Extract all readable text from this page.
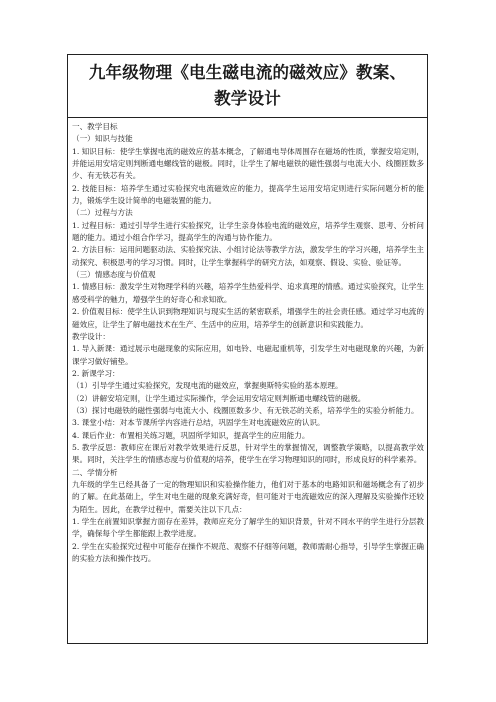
九年级物理《电生磁电流的磁效应》教案、
教学设计

一、教学目标

（一）知识与技能

1. 知识目标：使学生掌握电流的磁效应的基本概念，了解通电导体周围存在磁场的性质，掌握安培定则，并能运用安培定则判断通电螺线管的磁极。同时，让学生了解电磁铁的磁性强弱与电流大小、线圈匝数多少、有无铁芯有关。

2. 技能目标：培养学生通过实验探究电流磁效应的能力，提高学生运用安培定则进行实际问题分析的能力，锻炼学生设计简单的电磁装置的能力。

（二）过程与方法

1. 过程目标：通过引导学生进行实验探究，让学生亲身体验电流的磁效应，培养学生观察、思考、分析问题的能力。通过小组合作学习，提高学生的沟通与协作能力。

2. 方法目标：运用问题驱动法、实验探究法、小组讨论法等教学方法，激发学生的学习兴趣，培养学生主动探究、积极思考的学习习惯。同时，让学生掌握科学的研究方法，如观察、假设、实验、验证等。

（三）情感态度与价值观

1. 情感目标：激发学生对物理学科的兴趣，培养学生热爱科学、追求真理的情感。通过实验探究，让学生感受科学的魅力，增强学生的好奇心和求知欲。

2. 价值观目标：使学生认识到物理知识与现实生活的紧密联系，增强学生的社会责任感。通过学习电流的磁效应，让学生了解电磁技术在生产、生活中的应用，培养学生的创新意识和实践能力。

教学设计：

1. 导入新课：通过展示电磁现象的实际应用，如电铃、电磁起重机等，引发学生对电磁现象的兴趣，为新课学习做好铺垫。

2. 新课学习：

（1）引导学生通过实验探究，发现电流的磁效应，掌握奥斯特实验的基本原理。

（2）讲解安培定则，让学生通过实际操作，学会运用安培定则判断通电螺线管的磁极。

（3）探讨电磁铁的磁性强弱与电流大小、线圈匝数多少、有无铁芯的关系，培养学生的实验分析能力。

3. 课堂小结：对本节课所学内容进行总结，巩固学生对电流磁效应的认识。

4. 课后作业：布置相关练习题，巩固所学知识，提高学生的应用能力。

5. 教学反思：教师应在课后对教学效果进行反思，针对学生的掌握情况，调整教学策略，以提高教学效果。同时，关注学生的情感态度与价值观的培养，使学生在学习物理知识的同时，形成良好的科学素养。

二、学情分析

九年级的学生已经具备了一定的物理知识和实验操作能力，他们对于基本的电路知识和磁场概念有了初步的了解。在此基础上，学生对电生磁的现象充满好奇，但可能对于电流磁效应的深入理解及实验操作还较为陌生。因此，在教学过程中，需要关注以下几点：

1. 学生在前置知识掌握方面存在差异，教师应充分了解学生的知识背景，针对不同水平的学生进行分层教学，确保每个学生都能跟上教学进度。

2. 学生在实验探究过程中可能存在操作不规范、观察不仔细等问题，教师需耐心指导，引导学生掌握正确的实验方法和操作技巧。
